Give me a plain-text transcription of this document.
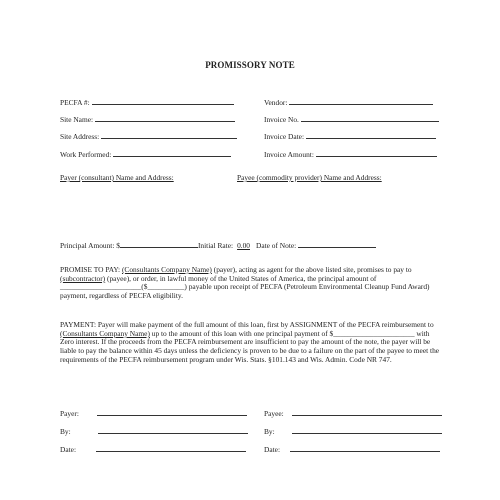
PROMISSORY NOTE
PECFA #:	Vendor:
Site Name:	Invoice No.
Site Address:	Invoice Date:
Work Performed:	Invoice Amount:
Payer (consultant) Name and Address:	Payee (commodity provider) Name and Address:
Principal Amount: $	Initial Rate: 0.00 Date of Note:
PROMISE TO PAY: (Consultants Company Name) (payer), acting as agent for the above listed site, promises to pay to (subcontractor) (payee), or order, in lawful money of the United States of America, the principal amount of ______________________($__________) payable upon receipt of PECFA (Petroleum Environmental Cleanup Fund Award) payment, regardless of PECFA eligibility.
PAYMENT: Payer will make payment of the full amount of this loan, first by ASSIGNMENT of the PECFA reimbursement to (Consultants Company Name) up to the amount of this loan with one principal payment of $______________________ with Zero interest. If the proceeds from the PECFA reimbursement are insufficient to pay the amount of the note, the payer will be liable to pay the balance within 45 days unless the deficiency is proven to be due to a failure on the part of the payee to meet the requirements of the PECFA reimbursement program under Wis. Stats. §101.143 and Wis. Admin. Code NR 747.
Payer:	Payee:
By:	By:
Date:	Date:
